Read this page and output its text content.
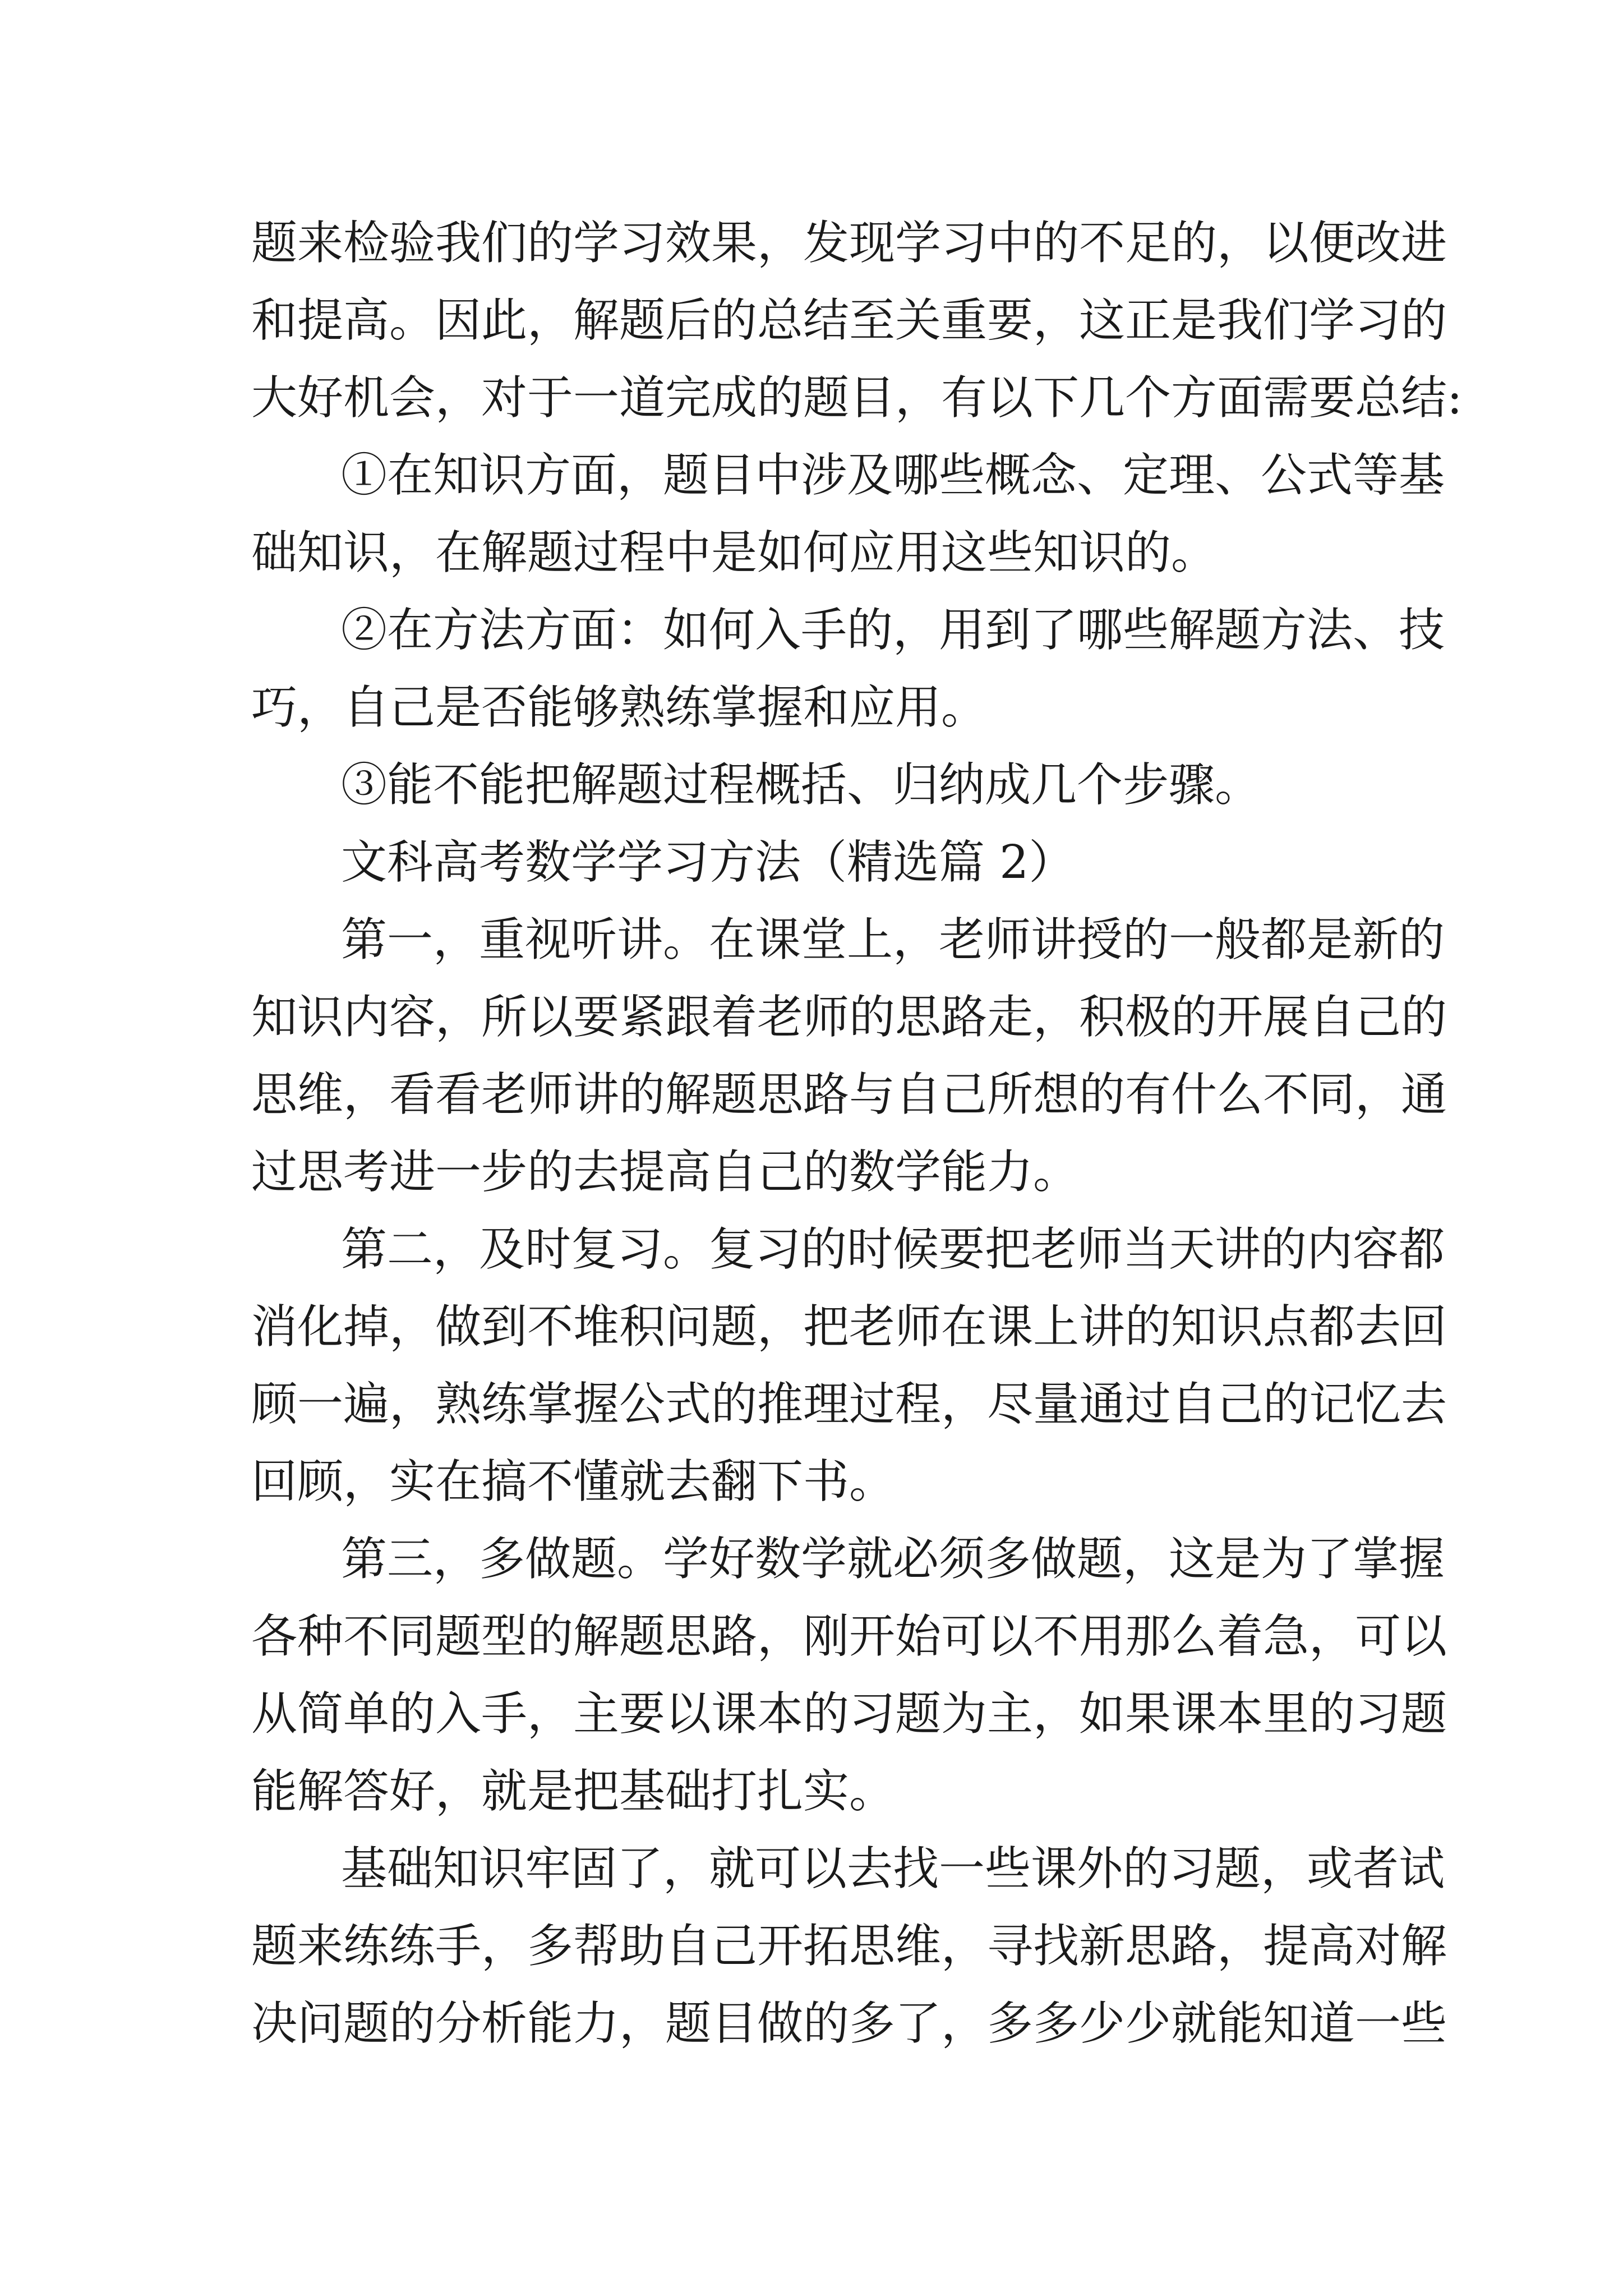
题来检验我们的学习效果，发现学习中的不足的，以便改进
和提高。因此，解题后的总结至关重要，这正是我们学习的
大好机会，对于一道完成的题目，有以下几个方面需要总结:
①在知识方面，题目中涉及哪些概念、定理、公式等基
础知识，在解题过程中是如何应用这些知识的。
②在方法方面：如何入手的，用到了哪些解题方法、技
巧，自己是否能够熟练掌握和应用。
③能不能把解题过程概括、归纳成几个步骤。
文科高考数学学习方法（精选篇 2）
第一，重视听讲。在课堂上，老师讲授的一般都是新的
知识内容，所以要紧跟着老师的思路走，积极的开展自己的
思维，看看老师讲的解题思路与自己所想的有什么不同，通
过思考进一步的去提高自己的数学能力。
第二，及时复习。复习的时候要把老师当天讲的内容都
消化掉，做到不堆积问题，把老师在课上讲的知识点都去回
顾一遍，熟练掌握公式的推理过程，尽量通过自己的记忆去
回顾，实在搞不懂就去翻下书。
第三，多做题。学好数学就必须多做题，这是为了掌握
各种不同题型的解题思路，刚开始可以不用那么着急，可以
从简单的入手，主要以课本的习题为主，如果课本里的习题
能解答好，就是把基础打扎实。
基础知识牢固了，就可以去找一些课外的习题，或者试
题来练练手，多帮助自己开拓思维，寻找新思路，提高对解
决问题的分析能力，题目做的多了，多多少少就能知道一些
